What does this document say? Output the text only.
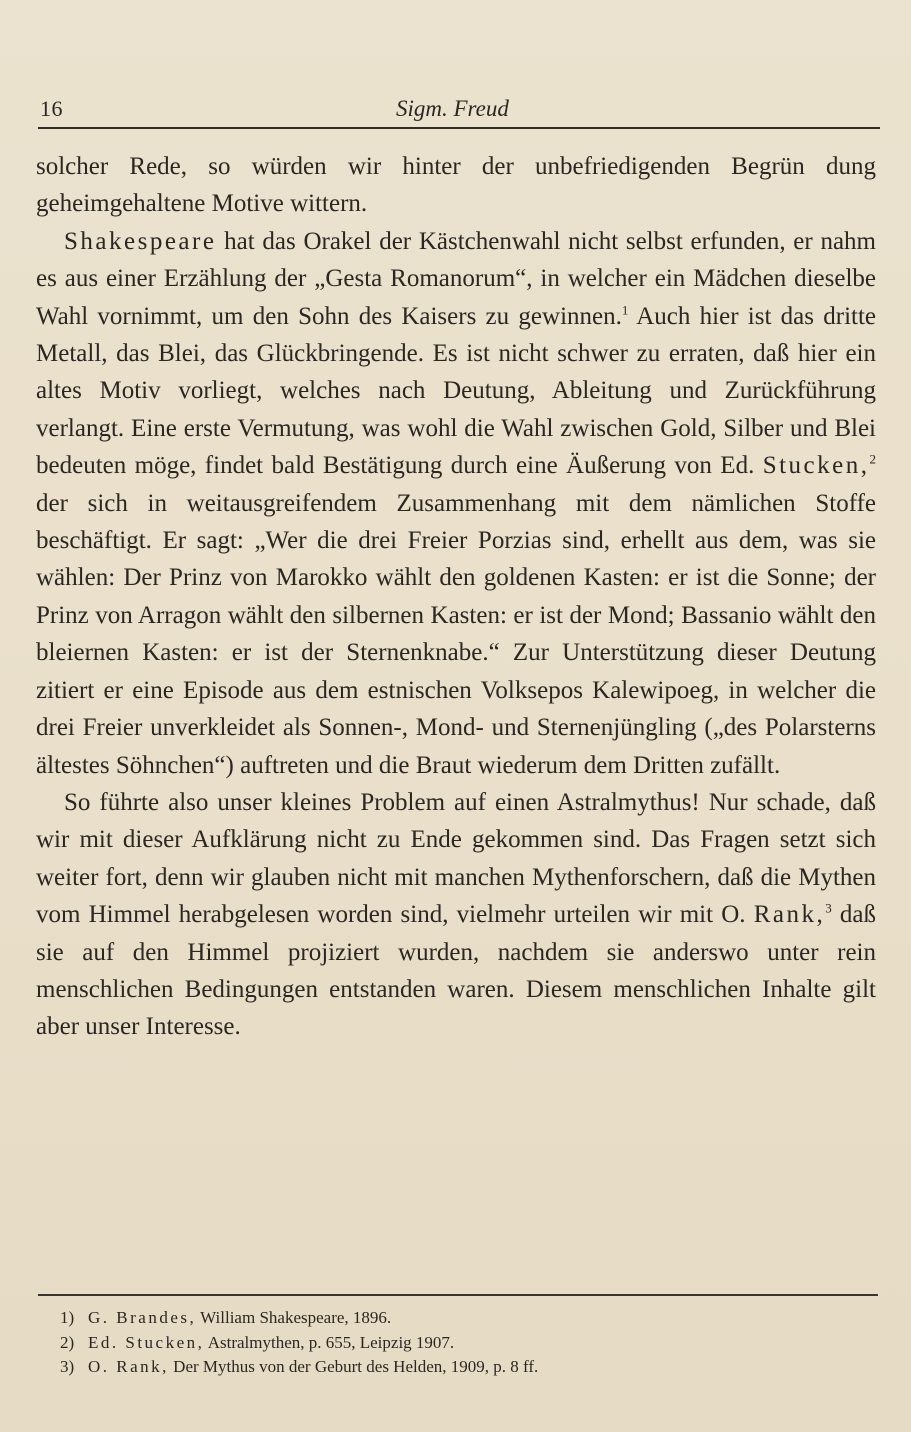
16	Sigm. Freud

solcher Rede, so würden wir hinter der unbefriedigenden Begrün dung geheimgehaltene Motive wittern.

Shakespeare hat das Orakel der Kästchenwahl nicht selbst erfunden, er nahm es aus einer Erzählung der „Gesta Romanorum“, in welcher ein Mädchen dieselbe Wahl vornimmt, um den Sohn des Kaisers zu gewinnen.$^1$ Auch hier ist das dritte Metall, das Blei, das Glückbringende. Es ist nicht schwer zu erraten, daß hier ein altes Motiv vorliegt, welches nach Deutung, Ableitung und Zurückführung verlangt. Eine erste Vermutung, was wohl die Wahl zwischen Gold, Silber und Blei bedeuten möge, findet bald Bestätigung durch eine Äußerung von Ed. Stucken,$^2$ der sich in weitausgreifendem Zusammenhang mit dem nämlichen Stoffe beschäftigt. Er sagt: „Wer die drei Freier Porzias sind, erhellt aus dem, was sie wählen: Der Prinz von Marokko wählt den goldenen Kasten: er ist die Sonne; der Prinz von Arragon wählt den silbernen Kasten: er ist der Mond; Bassanio wählt den bleiernen Kasten: er ist der Sternenknabe.“ Zur Unterstützung dieser Deutung zitiert er eine Episode aus dem estnischen Volksepos Kalewipoeg, in welcher die drei Freier unverkleidet als Sonnen-, Mond- und Sternenjüngling („des Polarsterns ältestes Söhnchen“) auftreten und die Braut wiederum dem Dritten zufällt.

So führte also unser kleines Problem auf einen Astralmythus! Nur schade, daß wir mit dieser Aufklärung nicht zu Ende gekommen sind. Das Fragen setzt sich weiter fort, denn wir glauben nicht mit manchen Mythenforschern, daß die Mythen vom Himmel herabgelesen worden sind, vielmehr urteilen wir mit O. Rank,$^3$ daß sie auf den Himmel projiziert wurden, nachdem sie anderswo unter rein menschlichen Bedingungen entstanden waren. Diesem menschlichen Inhalte gilt aber unser Interesse.

1) G. Brandes, William Shakespeare, 1896.
2) Ed. Stucken, Astralmythen, p. 655, Leipzig 1907.
3) O. Rank, Der Mythus von der Geburt des Helden, 1909, p. 8 ff.
